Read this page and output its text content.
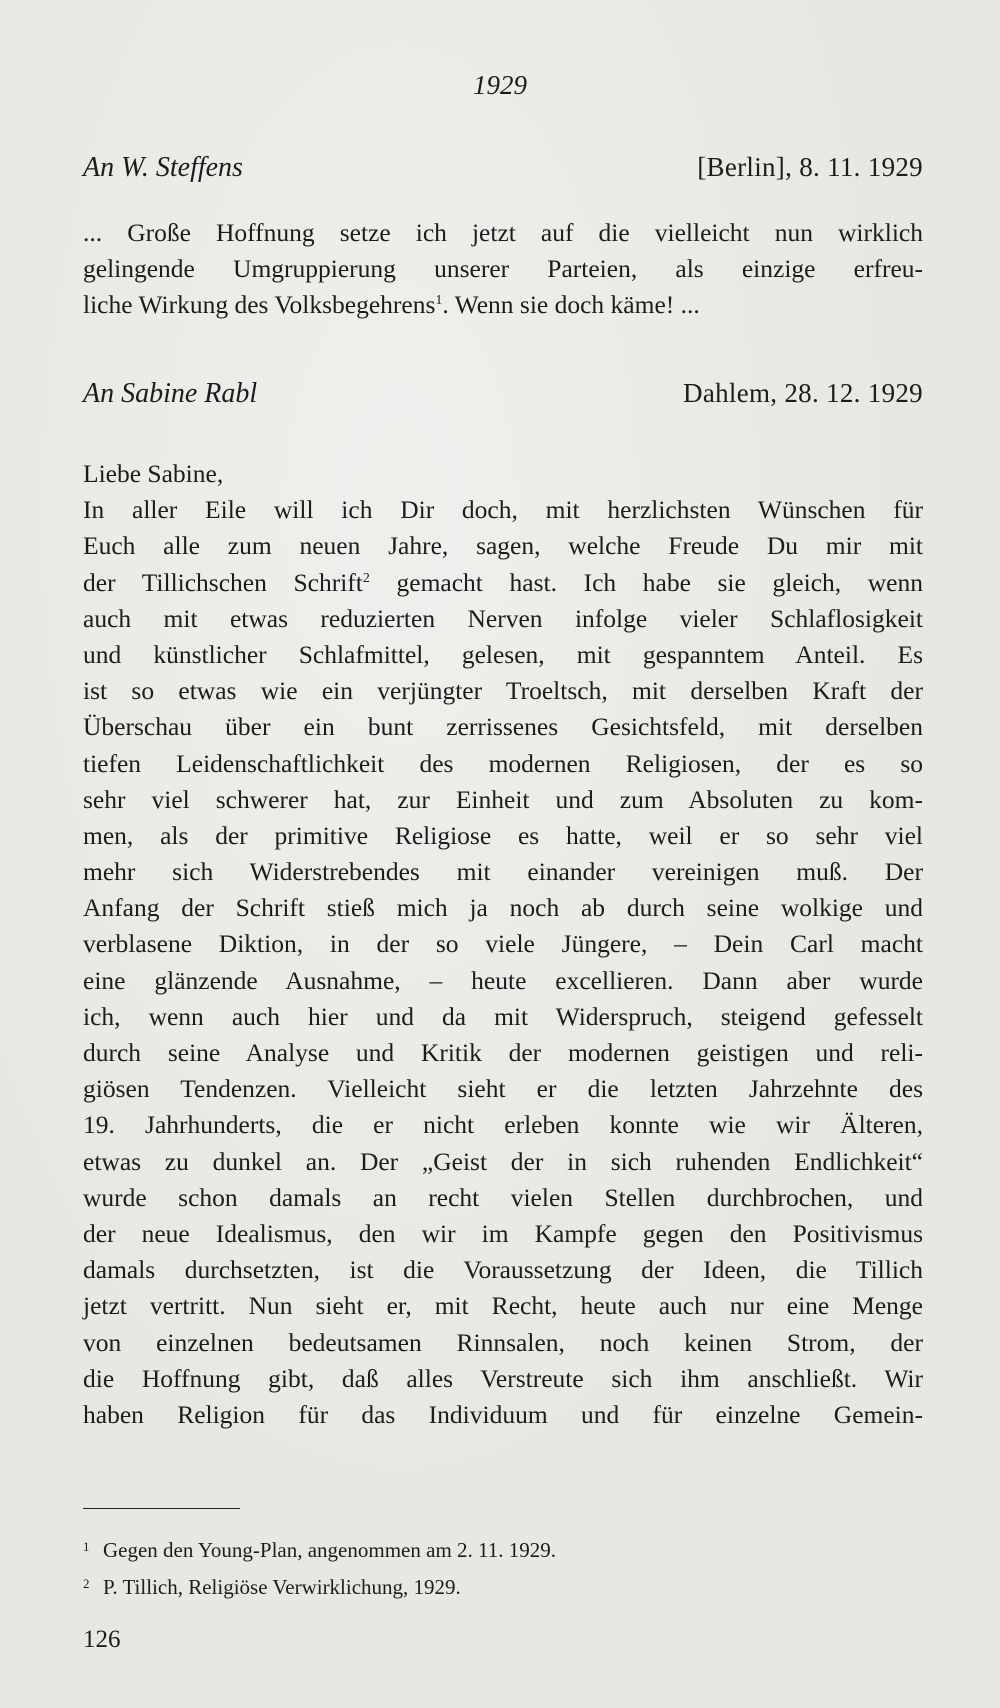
1929
An W. Steffens	[Berlin], 8. 11. 1929
... Große Hoffnung setze ich jetzt auf die vielleicht nun wirklich
gelingende Umgruppierung unserer Parteien, als einzige erfreu-
liche Wirkung des Volksbegehrens$^1$. Wenn sie doch käme! ...
An Sabine Rabl	Dahlem, 28. 12. 1929
Liebe Sabine,
In aller Eile will ich Dir doch, mit herzlichsten Wünschen für
Euch alle zum neuen Jahre, sagen, welche Freude Du mir mit
der Tillichschen Schrift$^2$ gemacht hast. Ich habe sie gleich, wenn
auch mit etwas reduzierten Nerven infolge vieler Schlaflosigkeit
und künstlicher Schlafmittel, gelesen, mit gespanntem Anteil. Es
ist so etwas wie ein verjüngter Troeltsch, mit derselben Kraft der
Überschau über ein bunt zerrissenes Gesichtsfeld, mit derselben
tiefen Leidenschaftlichkeit des modernen Religiosen, der es so
sehr viel schwerer hat, zur Einheit und zum Absoluten zu kom-
men, als der primitive Religiose es hatte, weil er so sehr viel
mehr sich Widerstrebendes mit einander vereinigen muß. Der
Anfang der Schrift stieß mich ja noch ab durch seine wolkige und
verblasene Diktion, in der so viele Jüngere, – Dein Carl macht
eine glänzende Ausnahme, – heute excellieren. Dann aber wurde
ich, wenn auch hier und da mit Widerspruch, steigend gefesselt
durch seine Analyse und Kritik der modernen geistigen und reli-
giösen Tendenzen. Vielleicht sieht er die letzten Jahrzehnte des
19. Jahrhunderts, die er nicht erleben konnte wie wir Älteren,
etwas zu dunkel an. Der „Geist der in sich ruhenden Endlichkeit“
wurde schon damals an recht vielen Stellen durchbrochen, und
der neue Idealismus, den wir im Kampfe gegen den Positivismus
damals durchsetzten, ist die Voraussetzung der Ideen, die Tillich
jetzt vertritt. Nun sieht er, mit Recht, heute auch nur eine Menge
von einzelnen bedeutsamen Rinnsalen, noch keinen Strom, der
die Hoffnung gibt, daß alles Verstreute sich ihm anschließt. Wir
haben Religion für das Individuum und für einzelne Gemein-
1 Gegen den Young-Plan, angenommen am 2. 11. 1929.
2 P. Tillich, Religiöse Verwirklichung, 1929.
126
